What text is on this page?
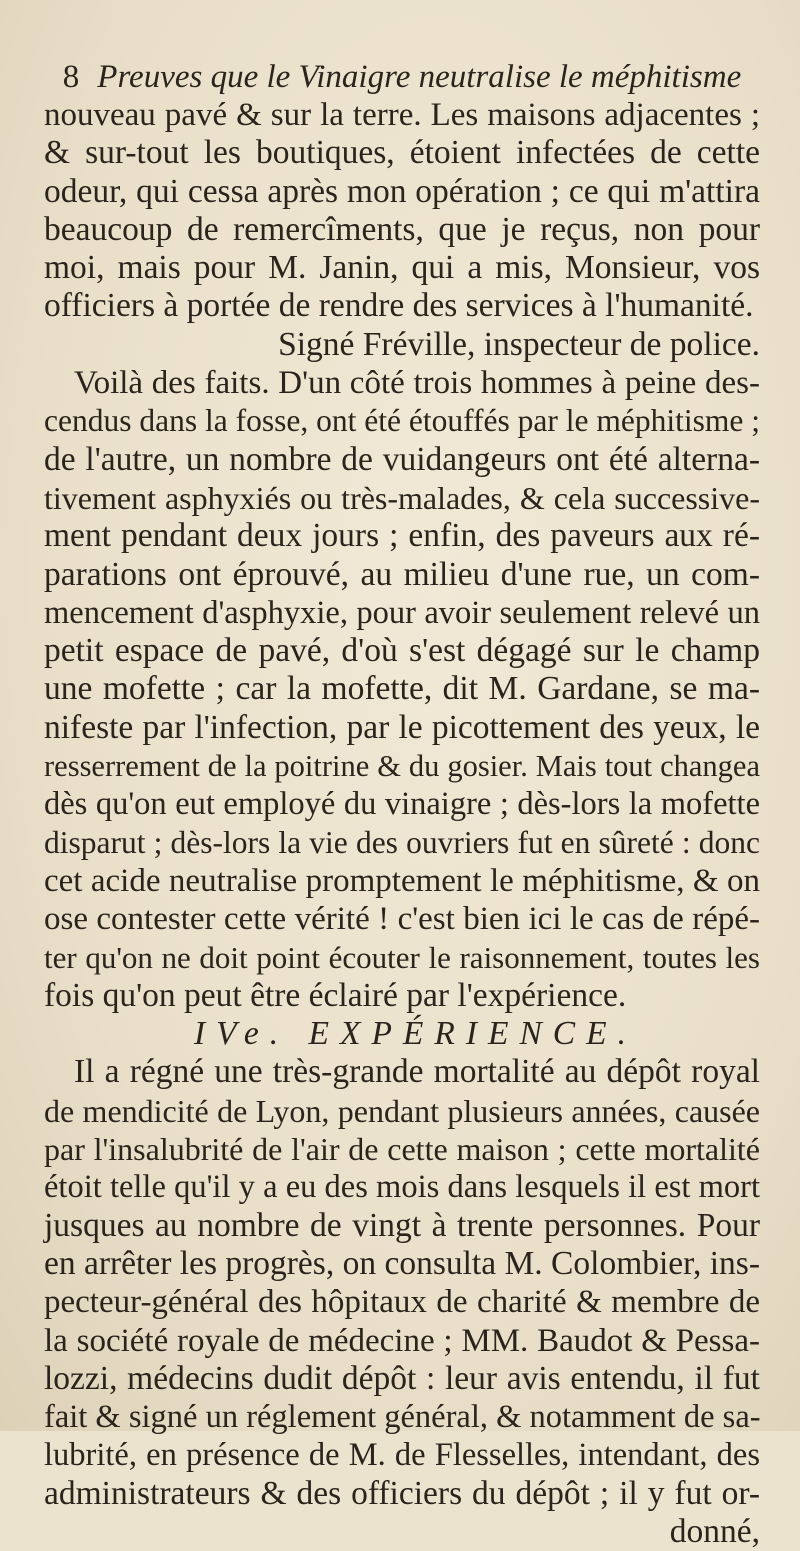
8 Preuves que le Vinaigre neutralise le méphitisme
nouveau pavé & sur la terre. Les maisons adjacentes ;
& sur-tout les boutiques, étoient infectées de cette
odeur, qui cessa après mon opération ; ce qui m'attira
beaucoup de remercîments, que je reçus, non pour
moi, mais pour M. Janin, qui a mis, Monsieur, vos
officiers à portée de rendre des services à l'humanité.
Signé Fréville, inspecteur de police.
Voilà des faits. D'un côté trois hommes à peine des-
cendus dans la fosse, ont été étouffés par le méphitisme ;
de l'autre, un nombre de vuidangeurs ont été alterna-
tivement asphyxiés ou très-malades, & cela successive-
ment pendant deux jours ; enfin, des paveurs aux ré-
parations ont éprouvé, au milieu d'une rue, un com-
mencement d'asphyxie, pour avoir seulement relevé un
petit espace de pavé, d'où s'est dégagé sur le champ
une mofette ; car la mofette, dit M. Gardane, se ma-
nifeste par l'infection, par le picottement des yeux, le
resserrement de la poitrine & du gosier. Mais tout changea
dès qu'on eut employé du vinaigre ; dès-lors la mofette
disparut ; dès-lors la vie des ouvriers fut en sûreté : donc
cet acide neutralise promptement le méphitisme, & on
ose contester cette vérité ! c'est bien ici le cas de répé-
ter qu'on ne doit point écouter le raisonnement, toutes les
fois qu'on peut être éclairé par l'expérience.
IVe. EXPÉRIENCE.
Il a régné une très-grande mortalité au dépôt royal
de mendicité de Lyon, pendant plusieurs années, causée
par l'insalubrité de l'air de cette maison ; cette mortalité
étoit telle qu'il y a eu des mois dans lesquels il est mort
jusques au nombre de vingt à trente personnes. Pour
en arrêter les progrès, on consulta M. Colombier, ins-
pecteur-général des hôpitaux de charité & membre de
la société royale de médecine ; MM. Baudot & Pessa-
lozzi, médecins dudit dépôt : leur avis entendu, il fut
fait & signé un réglement général, & notamment de sa-
lubrité, en présence de M. de Flesselles, intendant, des
administrateurs & des officiers du dépôt ; il y fut or-
donné,
